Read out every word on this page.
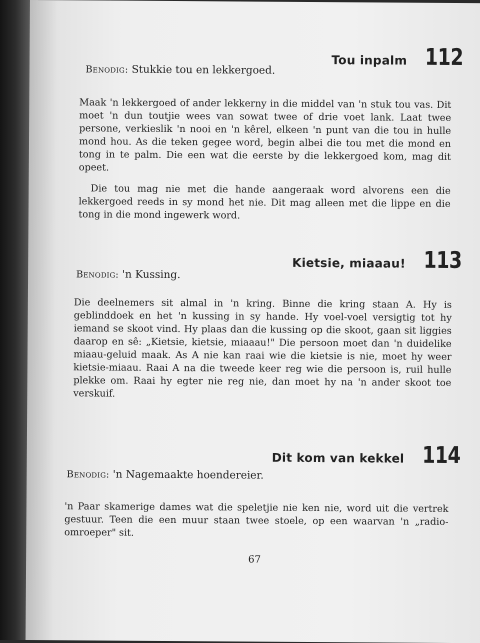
Tou inpalm 112
Benodig: Stukkie tou en lekkergoed.
Maak 'n lekkergoed of ander lekkerny in die middel van 'n stuk tou vas. Dit moet 'n dun toutjie wees van sowat twee of drie voet lank. Laat twee persone, verkieslik 'n nooi en 'n kêrel, elkeen 'n punt van die tou in hulle mond hou. As die teken gegee word, begin albei die tou met die mond en tong in te palm. Die een wat die eerste by die lekkergoed kom, mag dit opeet.
Die tou mag nie met die hande aangeraak word alvorens een die lekkergoed reeds in sy mond het nie. Dit mag alleen met die lippe en die tong in die mond ingewerk word.
Kietsie, miaaau! 113
Benodig: 'n Kussing.
Die deelnemers sit almal in 'n kring. Binne die kring staan A. Hy is geblinddoek en het 'n kussing in sy hande. Hy voel-voel versigtig tot hy iemand se skoot vind. Hy plaas dan die kussing op die skoot, gaan sit liggies daarop en sê: „Kietsie, kietsie, miaaau!" Die persoon moet dan 'n duidelike miaau-geluid maak. As A nie kan raai wie die kietsie is nie, moet hy weer kietsie-miaau. Raai A na die tweede keer reg wie die persoon is, ruil hulle plekke om. Raai hy egter nie reg nie, dan moet hy na 'n ander skoot toe verskuif.
Dit kom van kekkel 114
Benodig: 'n Nagemaakte hoendereier.
'n Paar skamerige dames wat die speletjie nie ken nie, word uit die vertrek gestuur. Teen die een muur staan twee stoele, op een waarvan 'n „radio-omroeper" sit.
67
